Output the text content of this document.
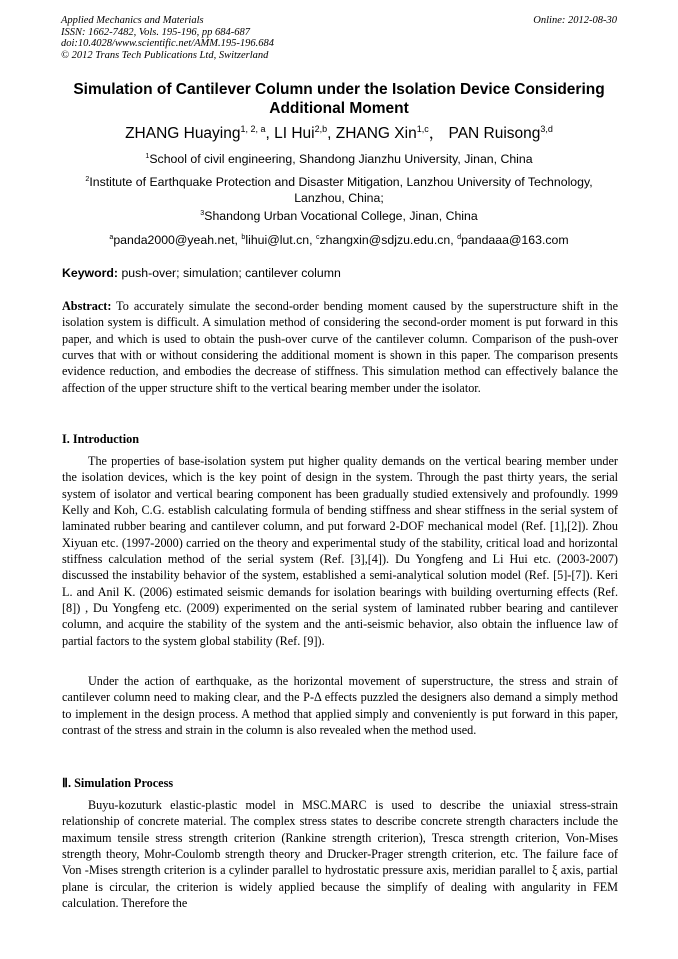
Applied Mechanics and Materials
ISSN: 1662-7482, Vols. 195-196, pp 684-687
doi:10.4028/www.scientific.net/AMM.195-196.684
© 2012 Trans Tech Publications Ltd, Switzerland
Online: 2012-08-30
Simulation of Cantilever Column under the Isolation Device Considering Additional Moment
ZHANG Huaying$^{1, 2, a}$, LI Hui$^{2,b}$, ZHANG Xin$^{1,c}$， PAN Ruisong$^{3,d}$
$^1$School of civil engineering, Shandong Jianzhu University, Jinan, China
$^2$Institute of Earthquake Protection and Disaster Mitigation, Lanzhou University of Technology, Lanzhou, China;
$^3$Shandong Urban Vocational College, Jinan, China
$^a$panda2000@yeah.net, $^b$lihui@lut.cn, $^c$zhangxin@sdjzu.edu.cn, $^d$pandaaa@163.com
Keyword: push-over; simulation; cantilever column
Abstract: To accurately simulate the second-order bending moment caused by the superstructure shift in the isolation system is difficult. A simulation method of considering the second-order moment is put forward in this paper, and which is used to obtain the push-over curve of the cantilever column. Comparison of the push-over curves that with or without considering the additional moment is shown in this paper. The comparison presents evidence reduction, and embodies the decrease of stiffness. This simulation method can effectively balance the affection of the upper structure shift to the vertical bearing member under the isolator.
I. Introduction
The properties of base-isolation system put higher quality demands on the vertical bearing member under the isolation devices, which is the key point of design in the system. Through the past thirty years, the serial system of isolator and vertical bearing component has been gradually studied extensively and profoundly. 1999 Kelly and Koh, C.G. establish calculating formula of bending stiffness and shear stiffness in the serial system of laminated rubber bearing and cantilever column, and put forward 2-DOF mechanical model (Ref. [1],[2]). Zhou Xiyuan etc. (1997-2000) carried on the theory and experimental study of the stability, critical load and horizontal stiffness calculation method of the serial system (Ref. [3],[4]). Du Yongfeng and Li Hui etc. (2003-2007) discussed the instability behavior of the system, established a semi-analytical solution model (Ref. [5]-[7]). Keri L. and Anil K. (2006) estimated seismic demands for isolation bearings with building overturning effects (Ref. [8]) , Du Yongfeng etc. (2009) experimented on the serial system of laminated rubber bearing and cantilever column, and acquire the stability of the system and the anti-seismic behavior, also obtain the influence law of partial factors to the system global stability (Ref. [9]).
Under the action of earthquake, as the horizontal movement of superstructure, the stress and strain of cantilever column need to making clear, and the P-Δ effects puzzled the designers also demand a simply method to implement in the design process. A method that applied simply and conveniently is put forward in this paper, contrast of the stress and strain in the column is also revealed when the method used.
Ⅱ. Simulation Process
Buyu-kozuturk elastic-plastic model in MSC.MARC is used to describe the uniaxial stress-strain relationship of concrete material. The complex stress states to describe concrete strength characters include the maximum tensile stress strength criterion (Rankine strength criterion), Tresca strength criterion, Von-Mises strength theory, Mohr-Coulomb strength theory and Drucker-Prager strength criterion, etc. The failure face of Von -Mises strength criterion is a cylinder parallel to hydrostatic pressure axis, meridian parallel to ξ axis, partial plane is circular, the criterion is widely applied because the simplify of dealing with angularity in FEM calculation. Therefore the
